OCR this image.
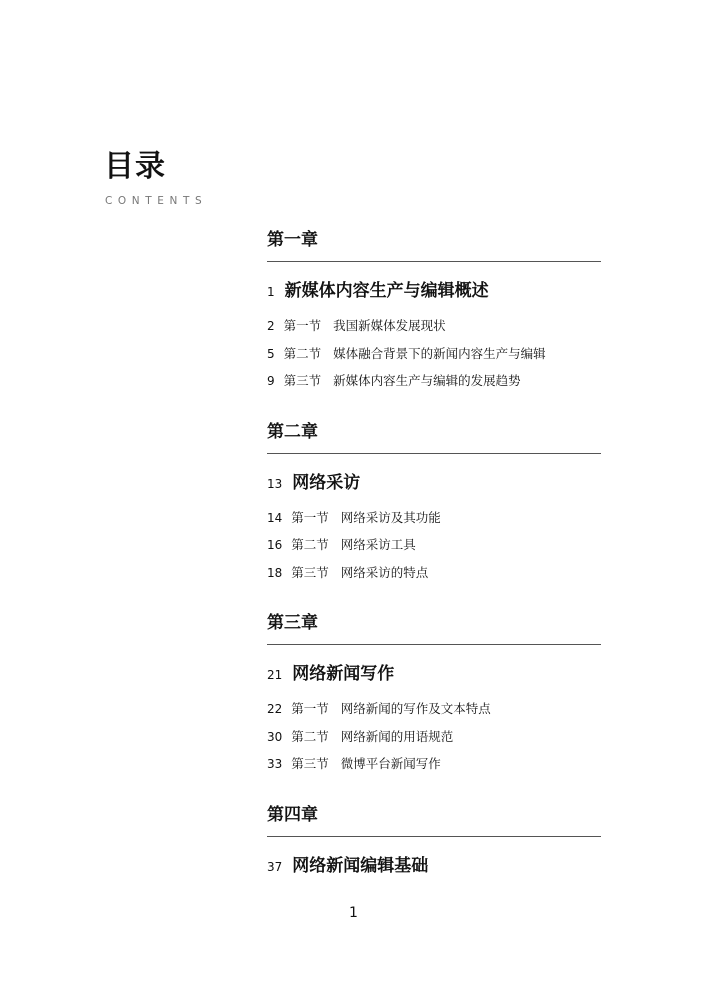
目录
CONTENTS
第一章
1 新媒体内容生产与编辑概述
2 第一节 我国新媒体发展现状
5 第二节 媒体融合背景下的新闻内容生产与编辑
9 第三节 新媒体内容生产与编辑的发展趋势
第二章
13 网络采访
14 第一节 网络采访及其功能
16 第二节 网络采访工具
18 第三节 网络采访的特点
第三章
21 网络新闻写作
22 第一节 网络新闻的写作及文本特点
30 第二节 网络新闻的用语规范
33 第三节 微博平台新闻写作
第四章
37 网络新闻编辑基础
1
